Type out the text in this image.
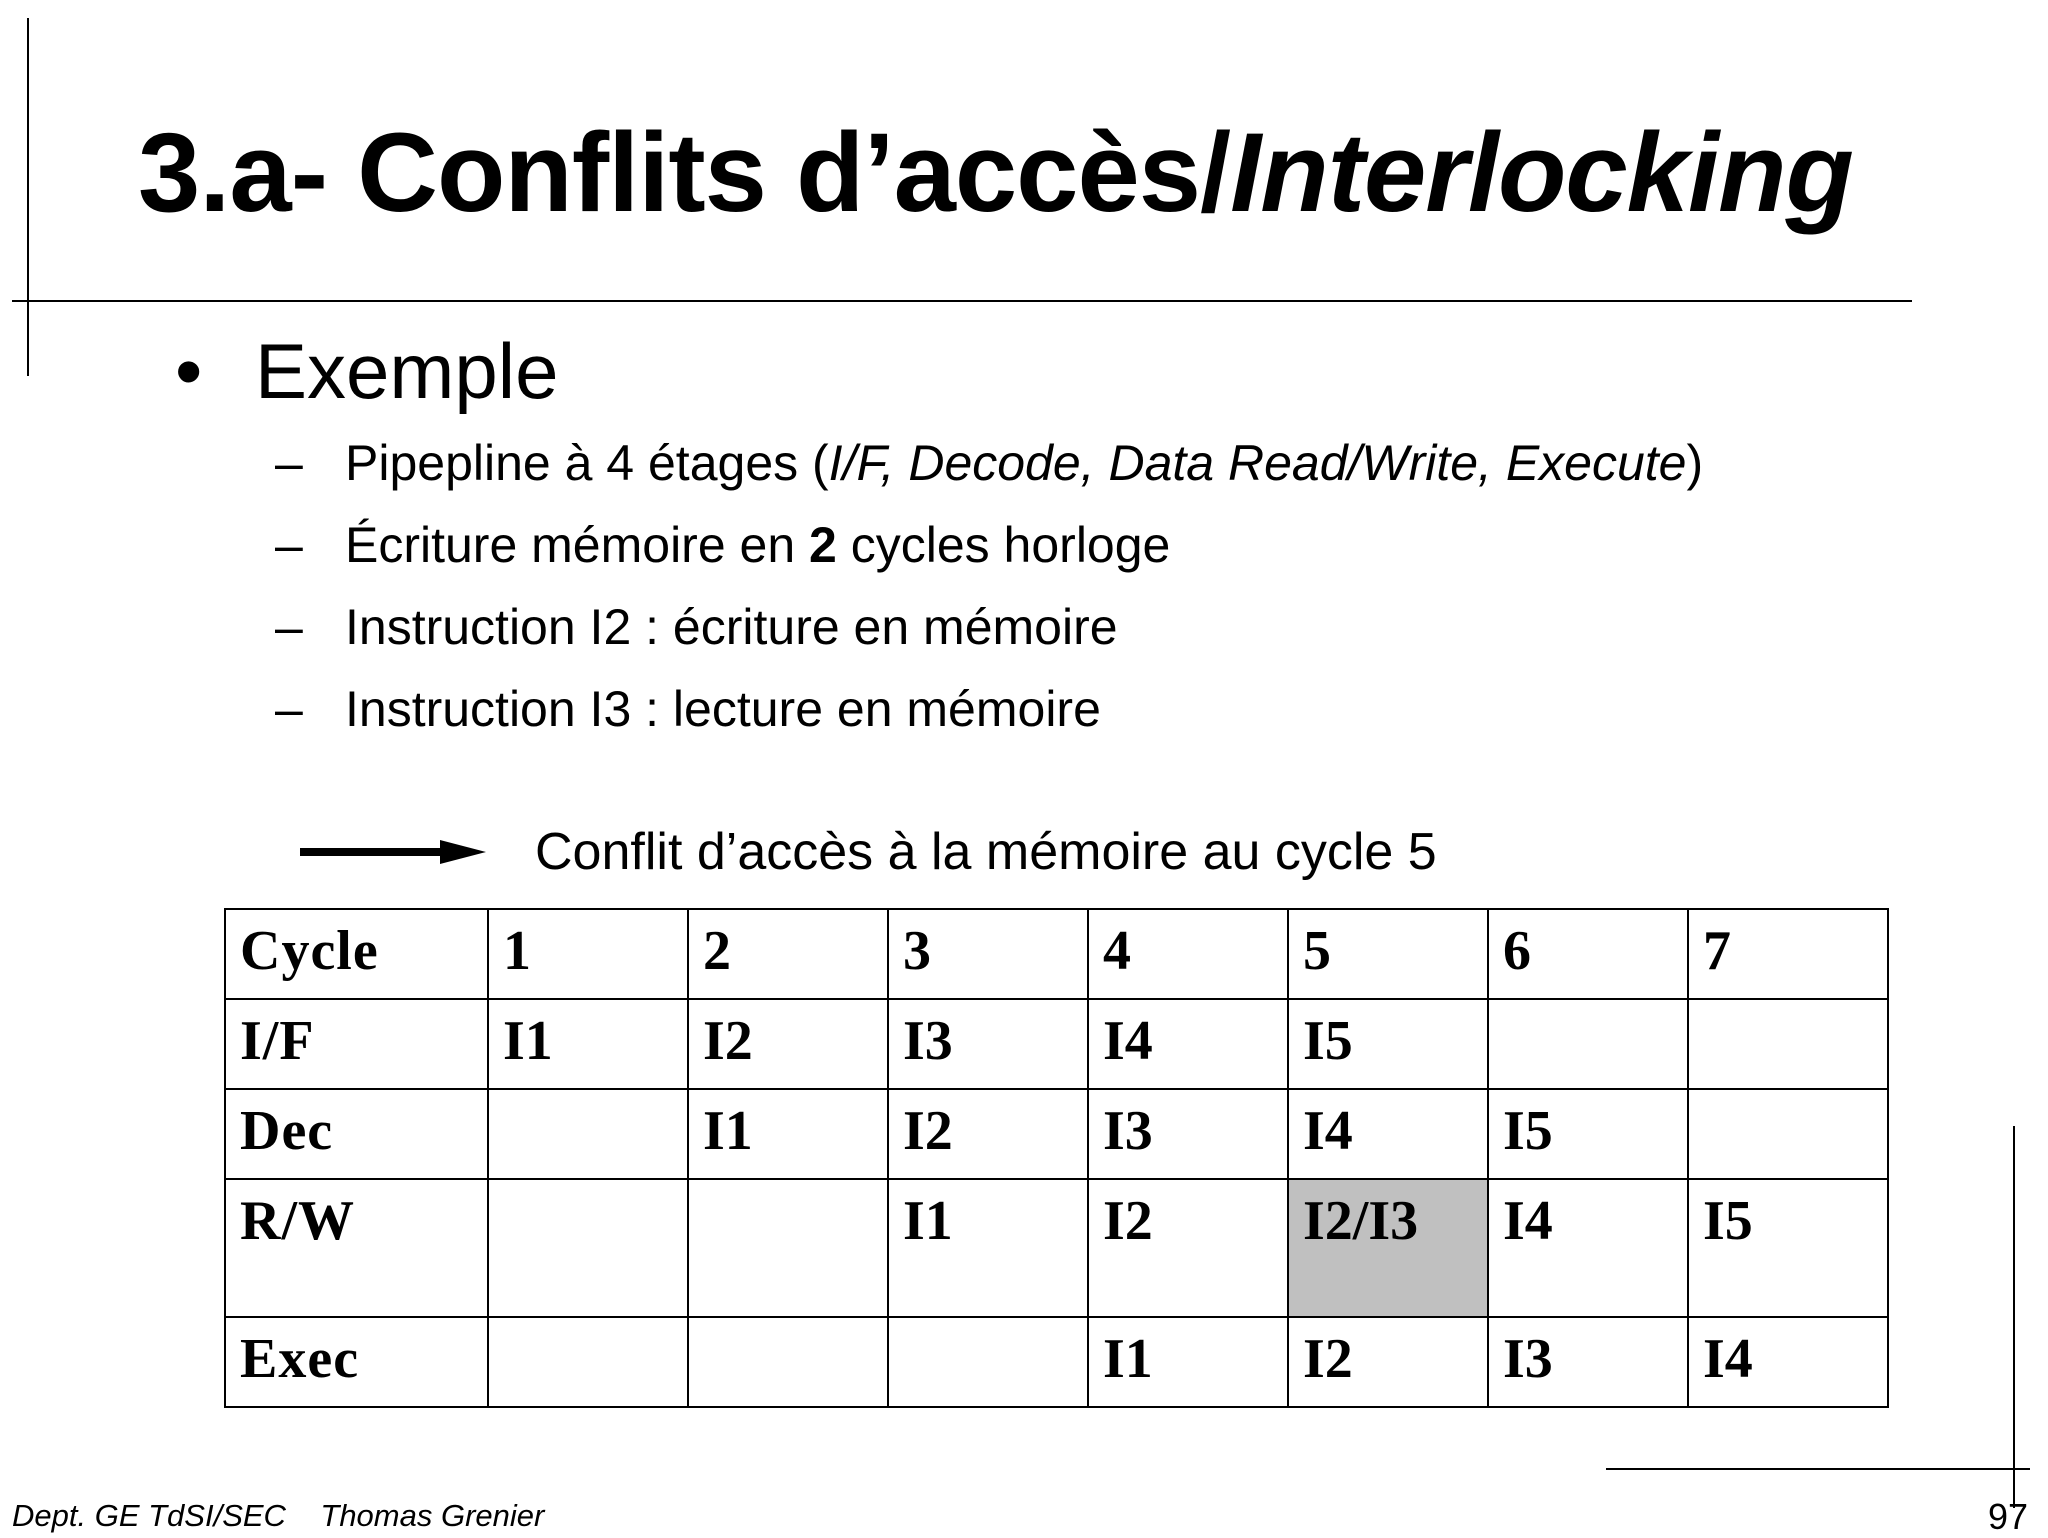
3.a- Conflits d’accès/Interlocking
• Exemple
– Pipepline à 4 étages (I/F, Decode, Data Read/Write, Execute)
– Écriture mémoire en 2 cycles horloge
– Instruction I2 : écriture en mémoire
– Instruction I3 : lecture en mémoire
Conflit d’accès à la mémoire au cycle 5
Cycle	1	2	3	4	5	6	7
I/F	I1	I2	I3	I4	I5		
Dec		I1	I2	I3	I4	I5	
R/W			I1	I2	I2/I3	I4	I5
Exec				I1	I2	I3	I4
Dept. GE TdSI/SEC    Thomas Grenier	97
